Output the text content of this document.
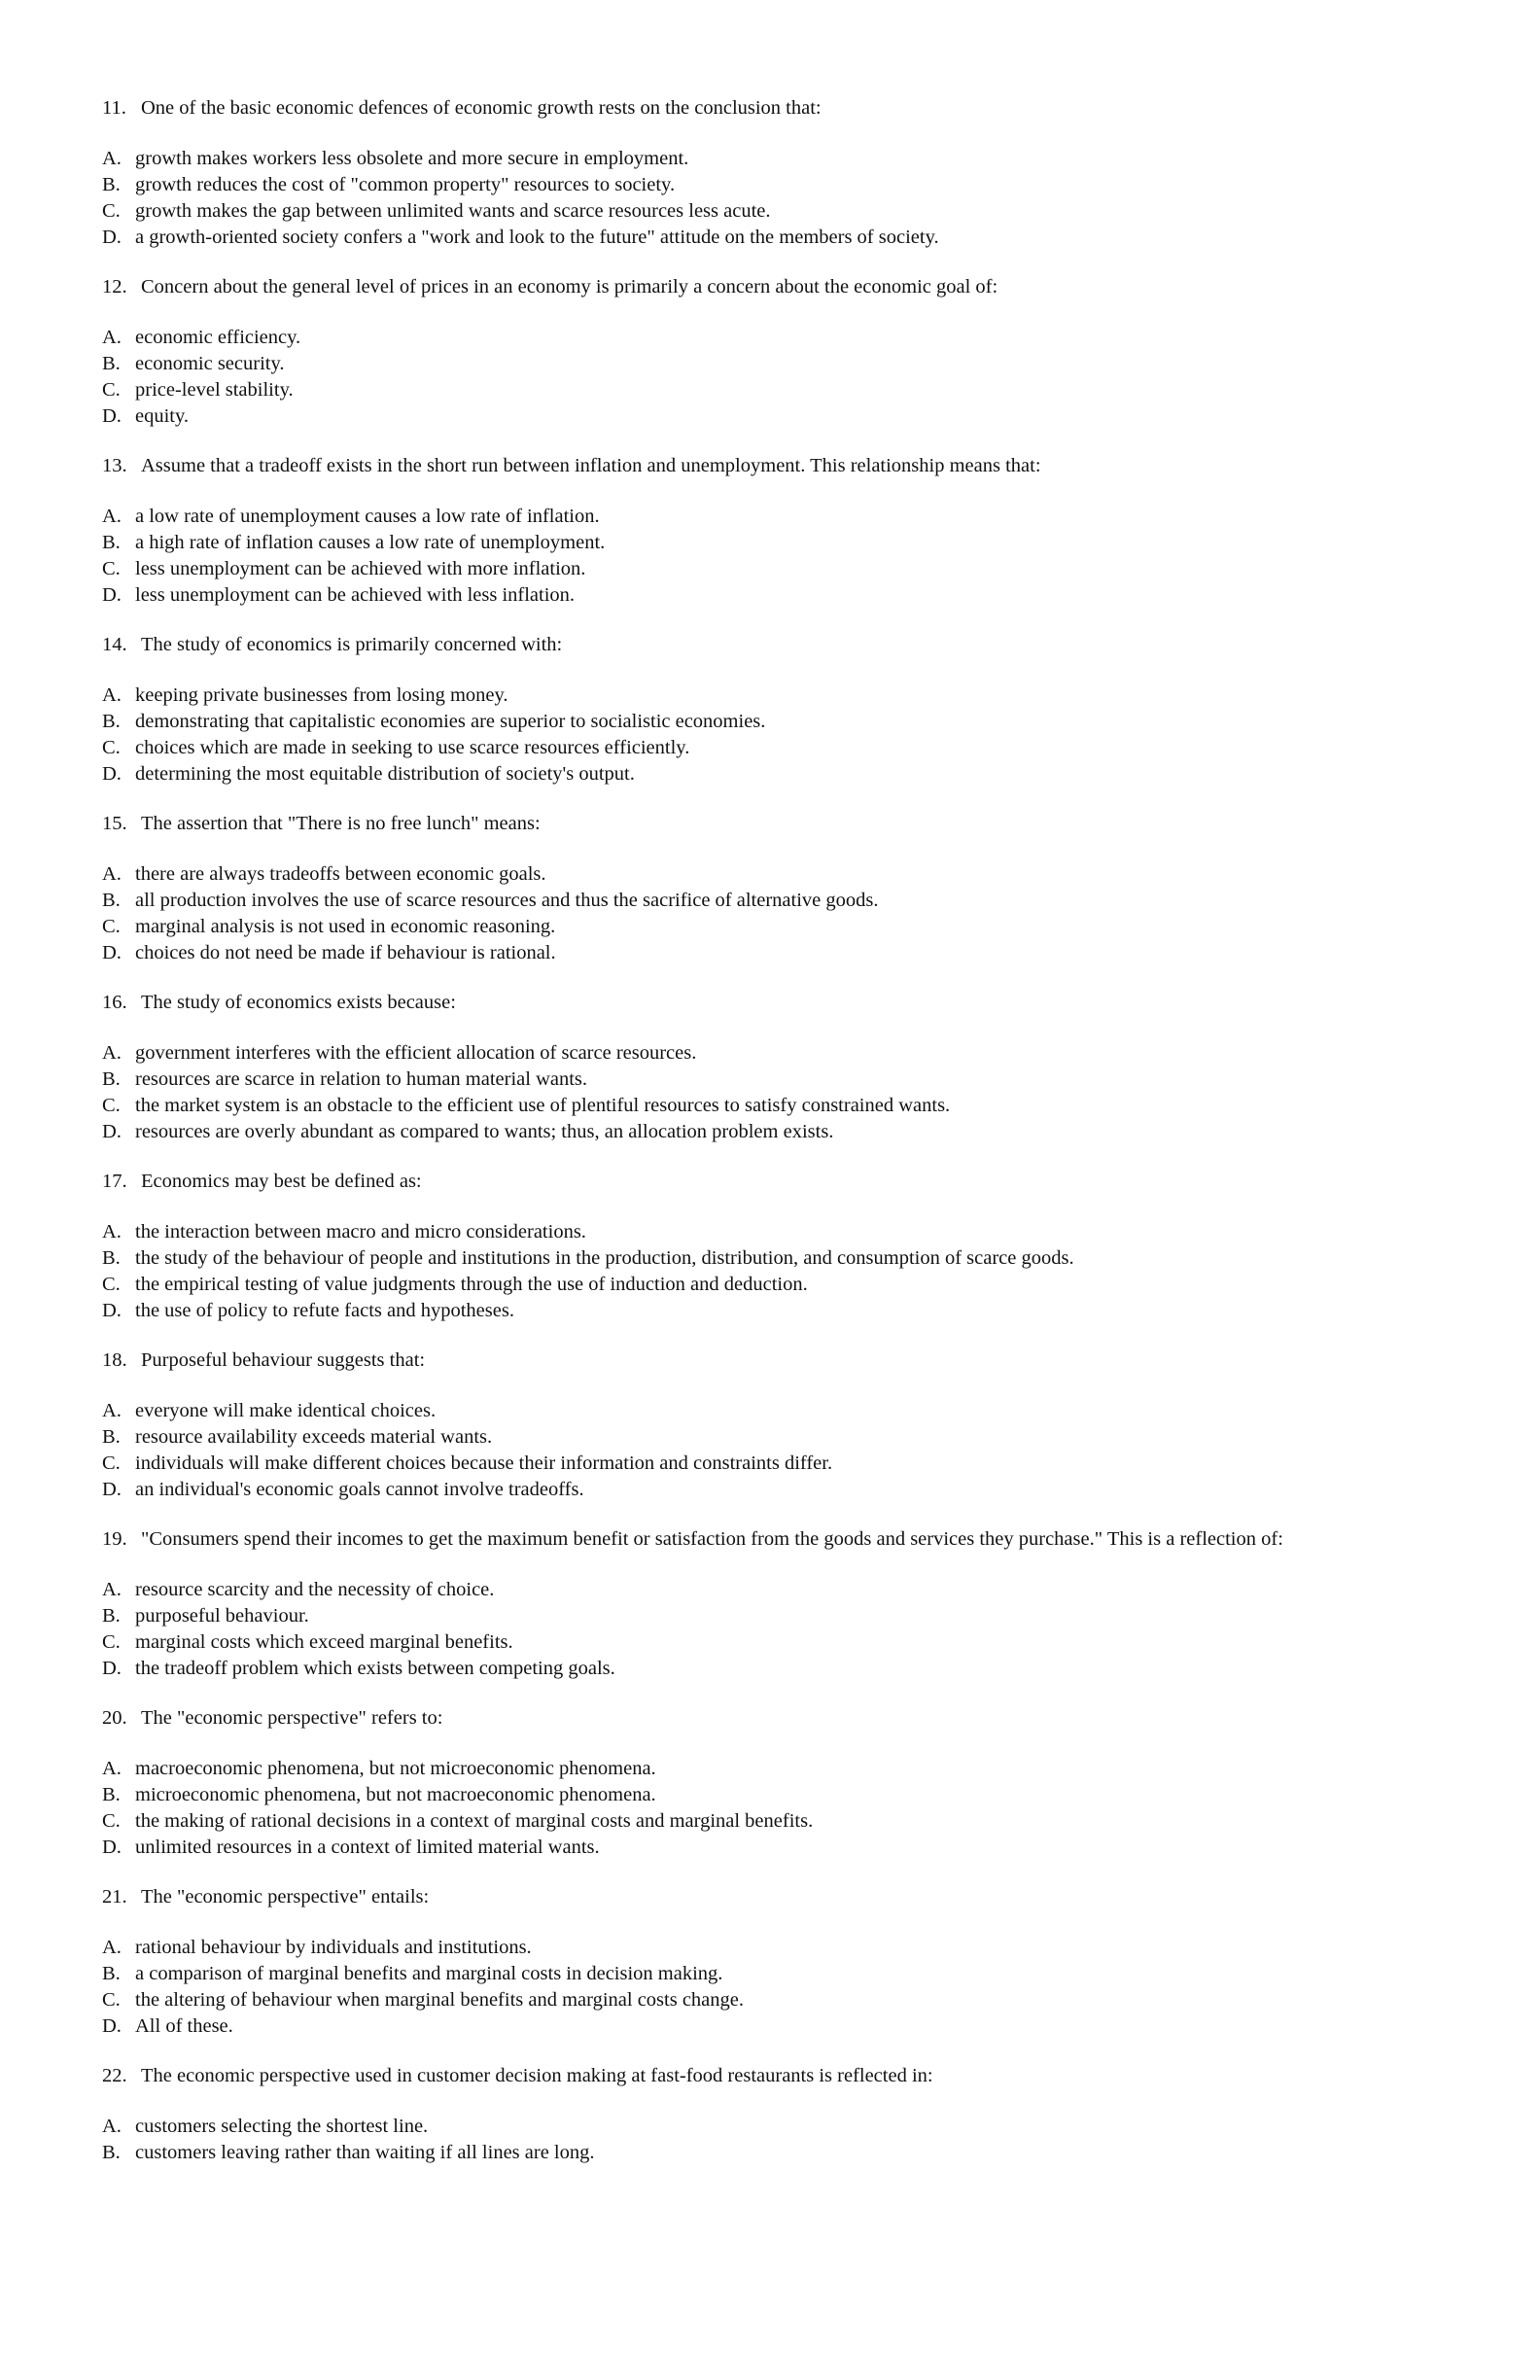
11. One of the basic economic defences of economic growth rests on the conclusion that:
A. growth makes workers less obsolete and more secure in employment.
B. growth reduces the cost of "common property" resources to society.
C. growth makes the gap between unlimited wants and scarce resources less acute.
D. a growth-oriented society confers a "work and look to the future" attitude on the members of society.
12. Concern about the general level of prices in an economy is primarily a concern about the economic goal of:
A. economic efficiency.
B. economic security.
C. price-level stability.
D. equity.
13. Assume that a tradeoff exists in the short run between inflation and unemployment. This relationship means that:
A. a low rate of unemployment causes a low rate of inflation.
B. a high rate of inflation causes a low rate of unemployment.
C. less unemployment can be achieved with more inflation.
D. less unemployment can be achieved with less inflation.
14. The study of economics is primarily concerned with:
A. keeping private businesses from losing money.
B. demonstrating that capitalistic economies are superior to socialistic economies.
C. choices which are made in seeking to use scarce resources efficiently.
D. determining the most equitable distribution of society's output.
15. The assertion that "There is no free lunch" means:
A. there are always tradeoffs between economic goals.
B. all production involves the use of scarce resources and thus the sacrifice of alternative goods.
C. marginal analysis is not used in economic reasoning.
D. choices do not need be made if behaviour is rational.
16. The study of economics exists because:
A. government interferes with the efficient allocation of scarce resources.
B. resources are scarce in relation to human material wants.
C. the market system is an obstacle to the efficient use of plentiful resources to satisfy constrained wants.
D. resources are overly abundant as compared to wants; thus, an allocation problem exists.
17. Economics may best be defined as:
A. the interaction between macro and micro considerations.
B. the study of the behaviour of people and institutions in the production, distribution, and consumption of scarce goods.
C. the empirical testing of value judgments through the use of induction and deduction.
D. the use of policy to refute facts and hypotheses.
18. Purposeful behaviour suggests that:
A. everyone will make identical choices.
B. resource availability exceeds material wants.
C. individuals will make different choices because their information and constraints differ.
D. an individual's economic goals cannot involve tradeoffs.
19. "Consumers spend their incomes to get the maximum benefit or satisfaction from the goods and services they purchase." This is a reflection of:
A. resource scarcity and the necessity of choice.
B. purposeful behaviour.
C. marginal costs which exceed marginal benefits.
D. the tradeoff problem which exists between competing goals.
20. The "economic perspective" refers to:
A. macroeconomic phenomena, but not microeconomic phenomena.
B. microeconomic phenomena, but not macroeconomic phenomena.
C. the making of rational decisions in a context of marginal costs and marginal benefits.
D. unlimited resources in a context of limited material wants.
21. The "economic perspective" entails:
A. rational behaviour by individuals and institutions.
B. a comparison of marginal benefits and marginal costs in decision making.
C. the altering of behaviour when marginal benefits and marginal costs change.
D. All of these.
22. The economic perspective used in customer decision making at fast-food restaurants is reflected in:
A. customers selecting the shortest line.
B. customers leaving rather than waiting if all lines are long.
